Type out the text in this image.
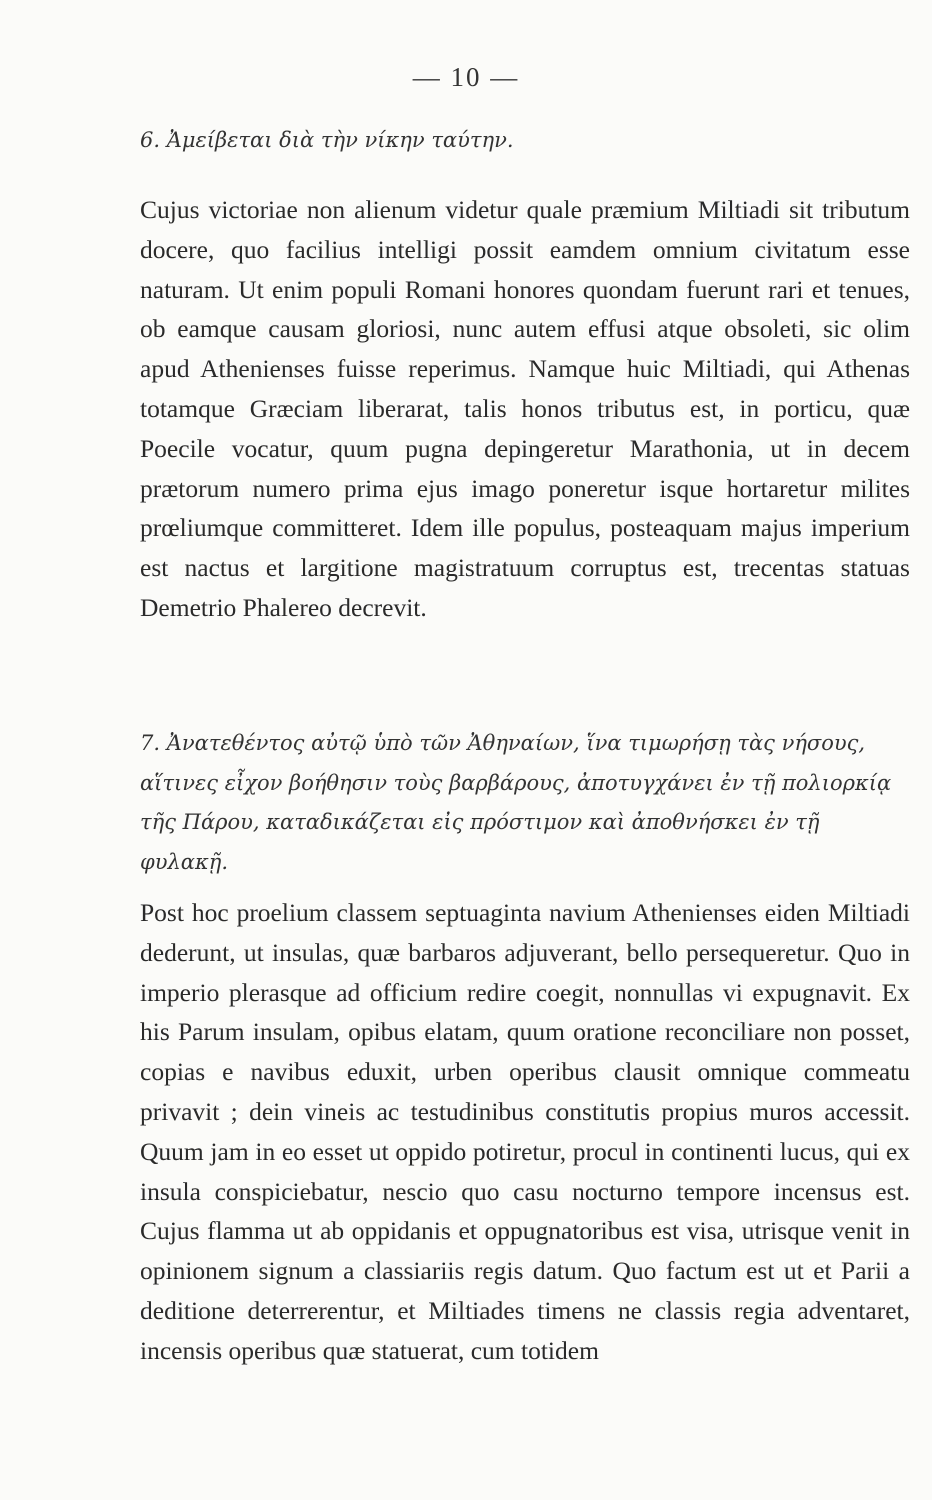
— 10 —
6. Ἀμείβεται διὰ τὴν νίκην ταύτην.

Cujus victoriae non alienum videtur quale præmium Miltiadi sit tributum docere, quo facilius intelligi possit eamdem omnium civitatum esse naturam. Ut enim populi Romani honores quondam fuerunt rari et tenues, ob eamque causam gloriosi, nunc autem effusi atque obsoleti, sic olim apud Athenienses fuisse reperimus. Namque huic Miltiadi, qui Athenas totamque Græciam liberarat, talis honos tributus est, in porticu, quæ Poecile vocatur, quum pugna depingeretur Marathonia, ut in decem prætorum numero prima ejus imago poneretur isque hortaretur milites prœliumque committeret. Idem ille populus, posteaquam majus imperium est nactus et largitione magistratuum corruptus est, trecentas statuas Demetrio Phalereo decrevit.

7. Ἀνατεθέντος αὐτῷ ὑπὸ τῶν Ἀθηναίων, ἵνα τιμωρήσῃ τὰς νήσους, αἵτινες εἶχον βοήθησιν τοὺς βαρβάρους, ἀποτυγχάνει ἐν τῇ πολιορκίᾳ τῆς Πάρου, καταδικάζεται εἰς πρόστιμον καὶ ἀποθνήσκει ἐν τῇ φυλακῇ.

Post hoc proelium classem septuaginta navium Athenienses eiden Miltiadi dederunt, ut insulas, quæ barbaros adjuverant, bello persequeretur. Quo in imperio plerasque ad officium redire coegit, nonnullas vi expugnavit. Ex his Parum insulam, opibus elatam, quum oratione reconciliare non posset, copias e navibus eduxit, urben operibus clausit omnique commeatu privavit ; dein vineis ac testudinibus constitutis propius muros accessit. Quum jam in eo esset ut oppido potiretur, procul in continenti lucus, qui ex insula conspiciebatur, nescio quo casu nocturno tempore incensus est. Cujus flamma ut ab oppidanis et oppugnatoribus est visa, utrisque venit in opinionem signum a classiariis regis datum. Quo factum est ut et Parii a deditione deterrerentur, et Miltiades timens ne classis regia adventaret, incensis operibus quæ statuerat, cum totidem
